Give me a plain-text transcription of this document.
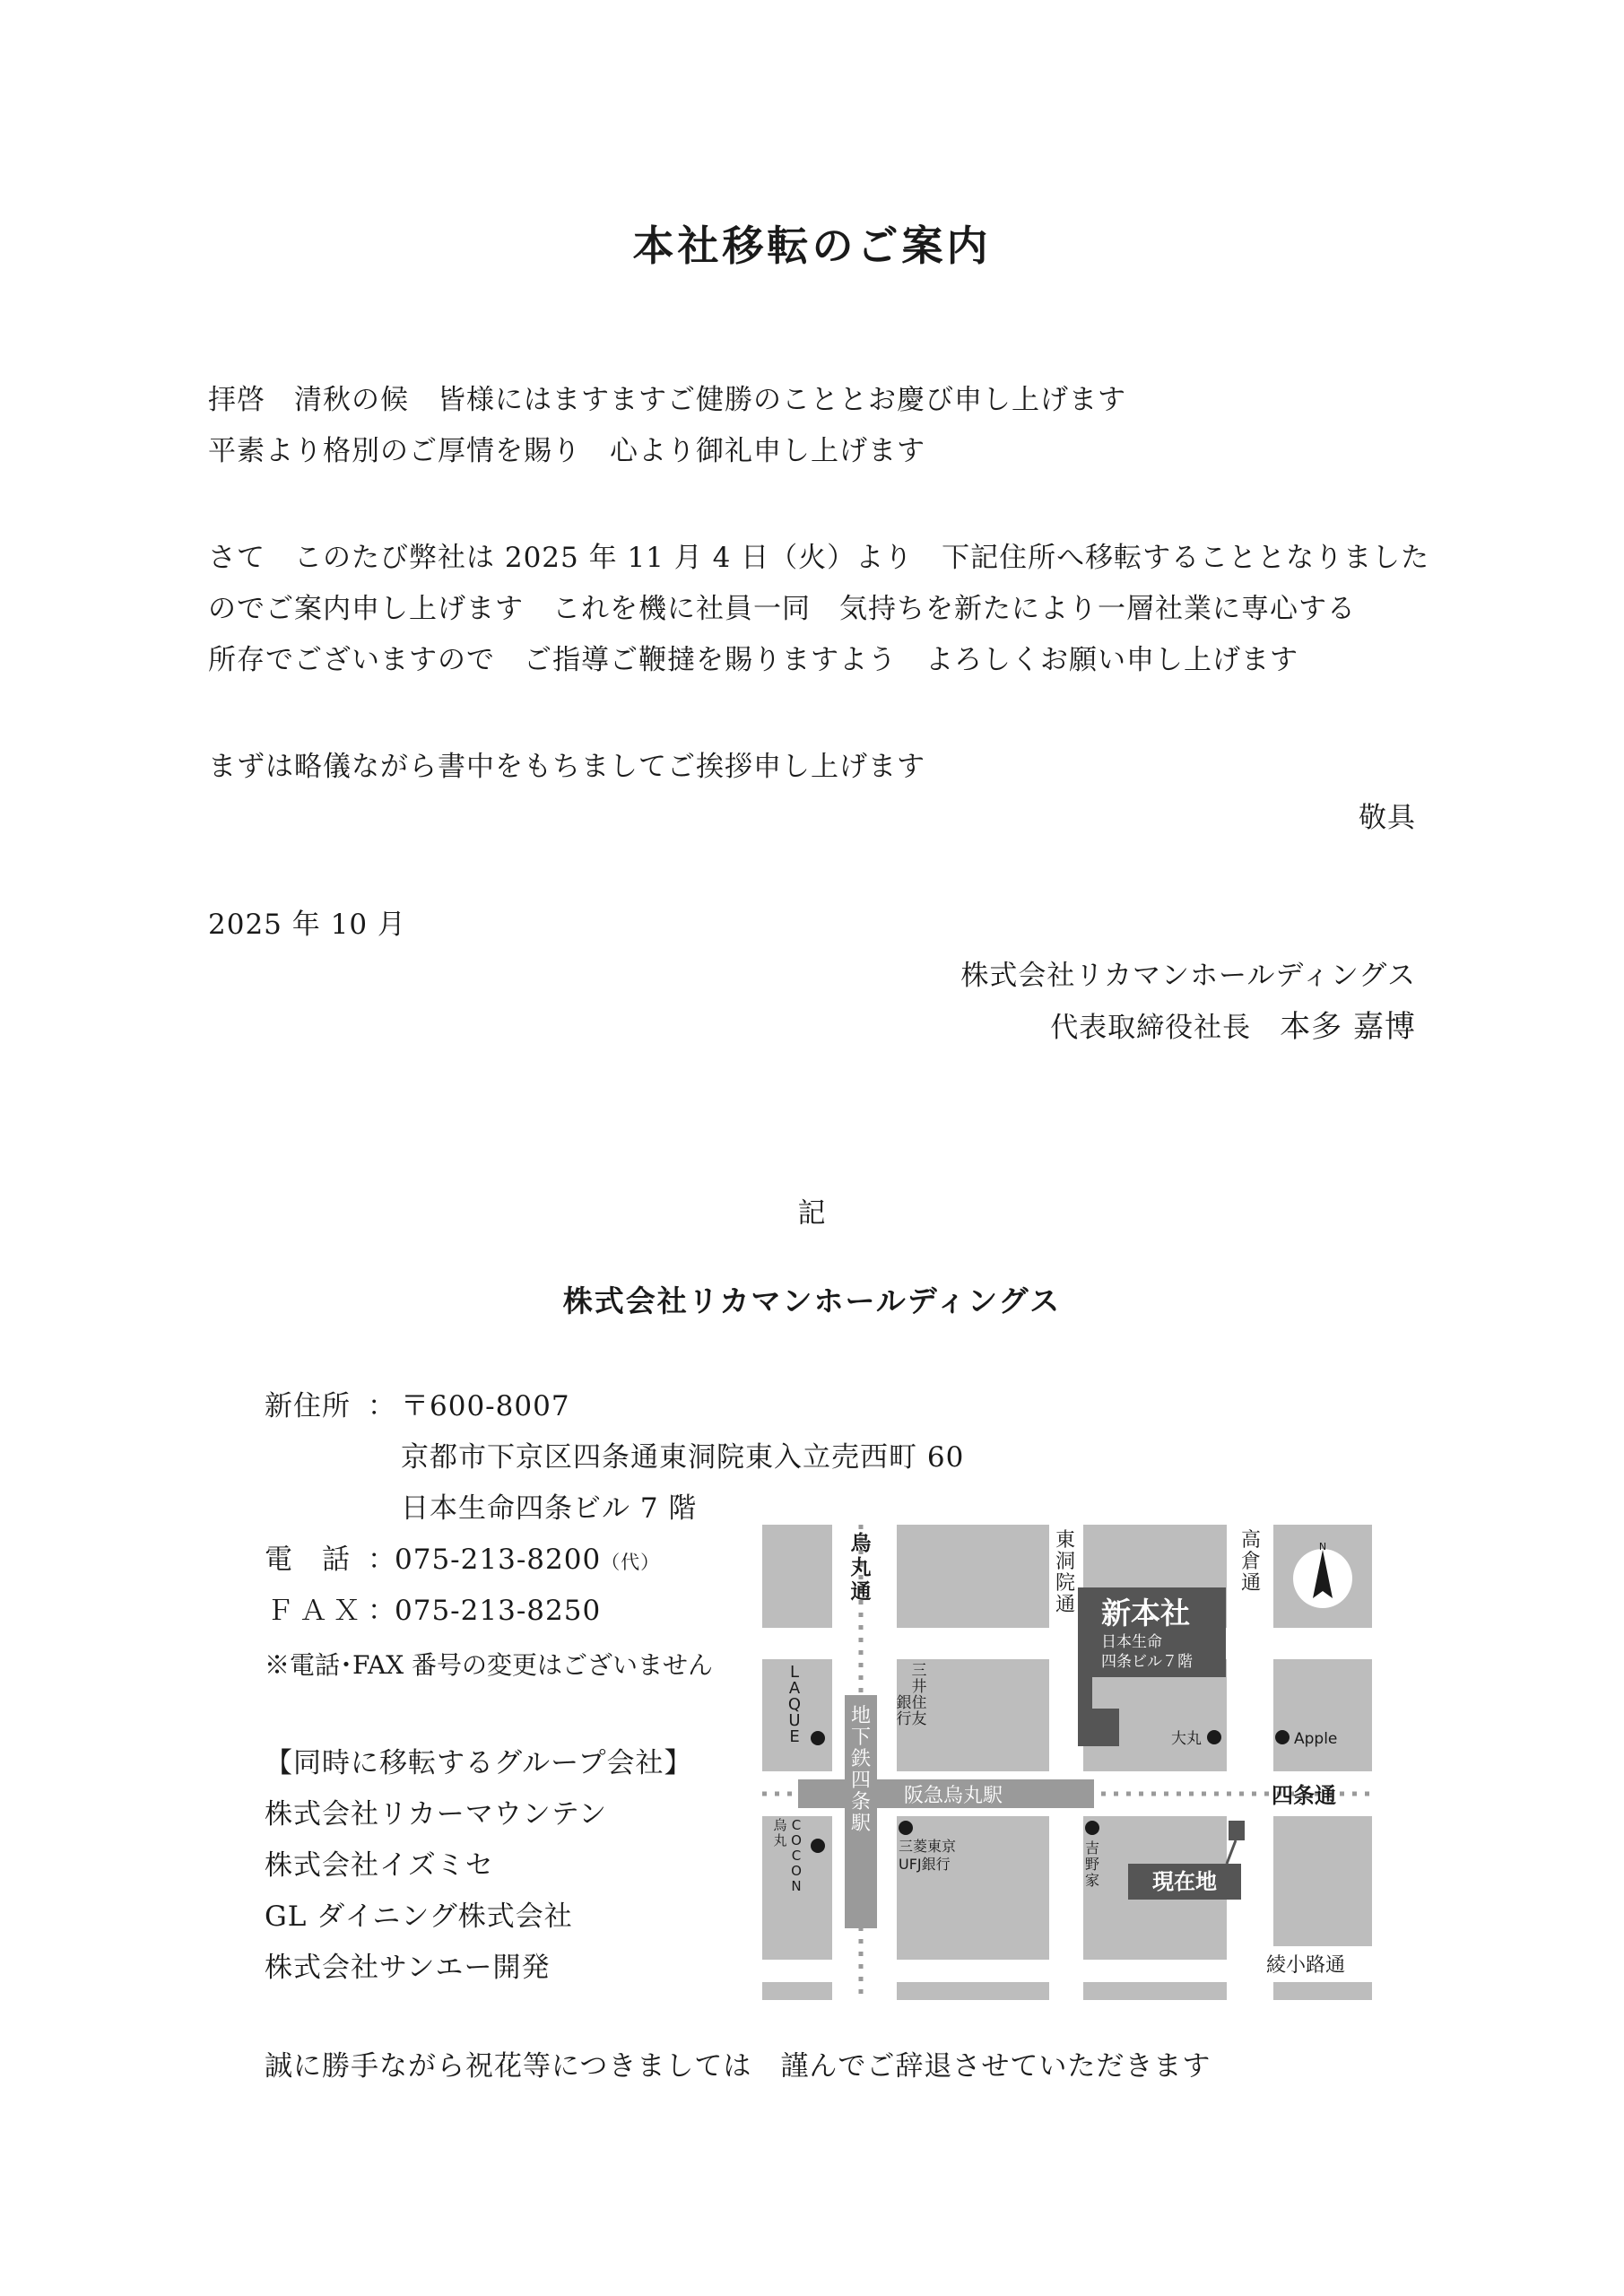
本社移転のご案内
拝啓　清秋の候　皆様にはますますご健勝のこととお慶び申し上げます
平素より格別のご厚情を賜り　心より御礼申し上げます
さて　このたび弊社は 2025 年 11 月 4 日（火）より　下記住所へ移転することとなりました
のでご案内申し上げます　これを機に社員一同　気持ちを新たにより一層社業に専心する
所存でございますので　ご指導ご鞭撻を賜りますよう　よろしくお願い申し上げます
まずは略儀ながら書中をもちましてご挨拶申し上げます
敬具
2025 年 10 月
株式会社リカマンホールディングス
代表取締役社長　 本多 嘉博
記
株式会社リカマンホールディングス
新住所 ： 〒600-8007
京都市下京区四条通東洞院東入立売西町 60
日本生命四条ビル 7 階
電　話 ：
075-213-8200（代）
ＦＡＸ ：
075-213-8250
※電話･FAX 番号の変更はございません
【同時に移転するグループ会社】
株式会社リカーマウンテン
株式会社イズミセ
GL ダイニング株式会社
株式会社サンエー開発
烏
丸
通
東
洞
院
通
高
倉
通
新本社
日本生命
四条ビル７階
L
A
Q
U
E
三
井
住
友
銀
行
地
下
鉄
四
条
駅
阪急烏丸駅
大丸	Apple
四条通
烏
丸
C
O
C
O
N
三菱東京
UFJ銀行
吉
野
家 現在地
綾小路通
N
誠に勝手ながら祝花等につきましては　謹んでご辞退させていただきます
